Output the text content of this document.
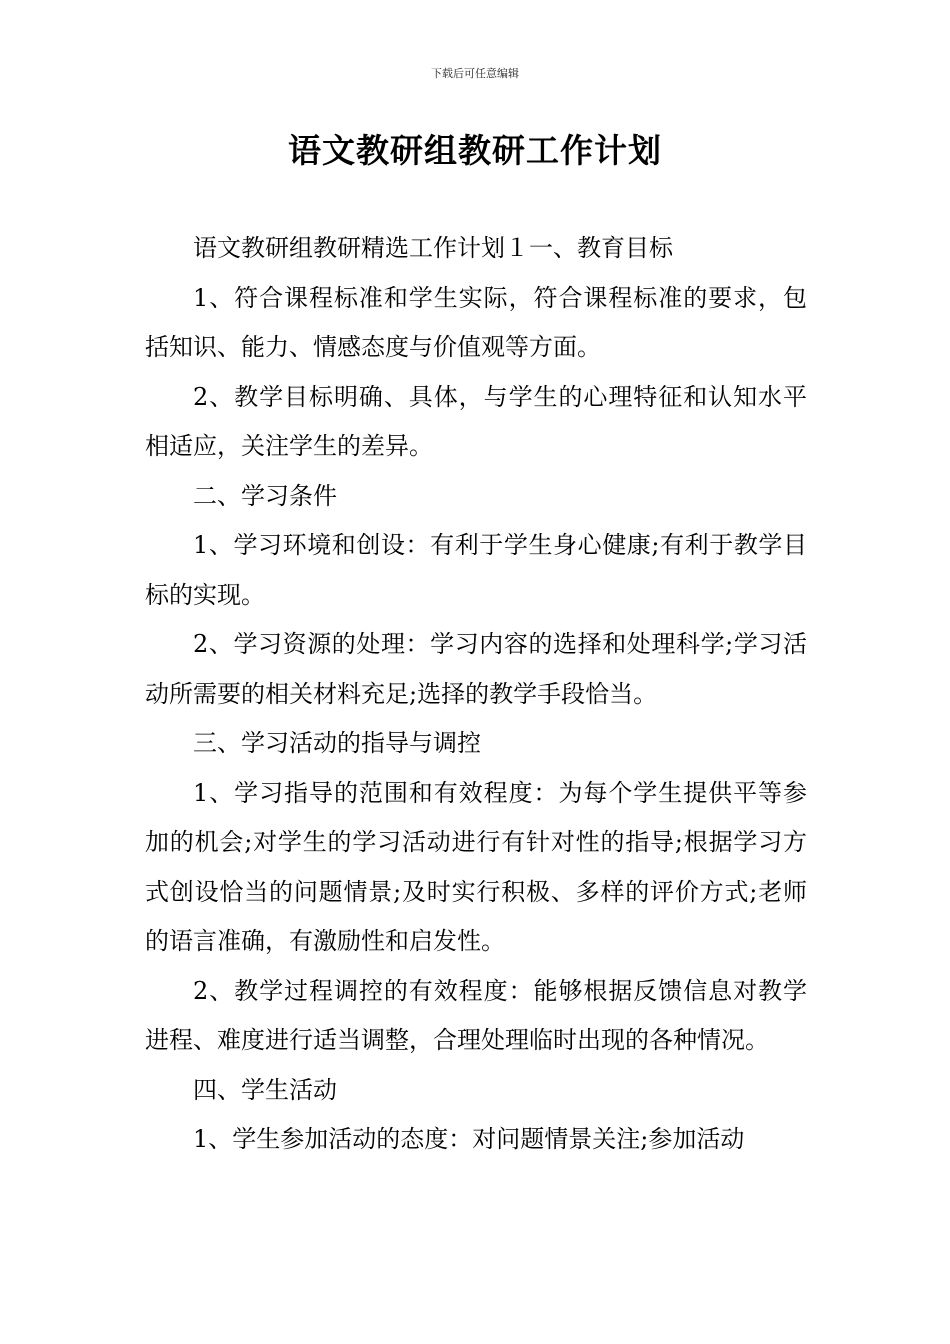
下载后可任意编辑
语文教研组教研工作计划

语文教研组教研精选工作计划１一、教育目标

1、符合课程标准和学生实际，符合课程标准的要求，包括知识、能力、情感态度与价值观等方面。

2、教学目标明确、具体，与学生的心理特征和认知水平相适应，关注学生的差异。

二、学习条件

1、学习环境和创设：有利于学生身心健康;有利于教学目标的实现。

2、学习资源的处理：学习内容的选择和处理科学;学习活动所需要的相关材料充足;选择的教学手段恰当。

三、学习活动的指导与调控

1、学习指导的范围和有效程度：为每个学生提供平等参加的机会;对学生的学习活动进行有针对性的指导;根据学习方式创设恰当的问题情景;及时实行积极、多样的评价方式;老师的语言准确，有激励性和启发性。

2、教学过程调控的有效程度：能够根据反馈信息对教学进程、难度进行适当调整，合理处理临时出现的各种情况。

四、学生活动

1、学生参加活动的态度：对问题情景关注;参加活动
